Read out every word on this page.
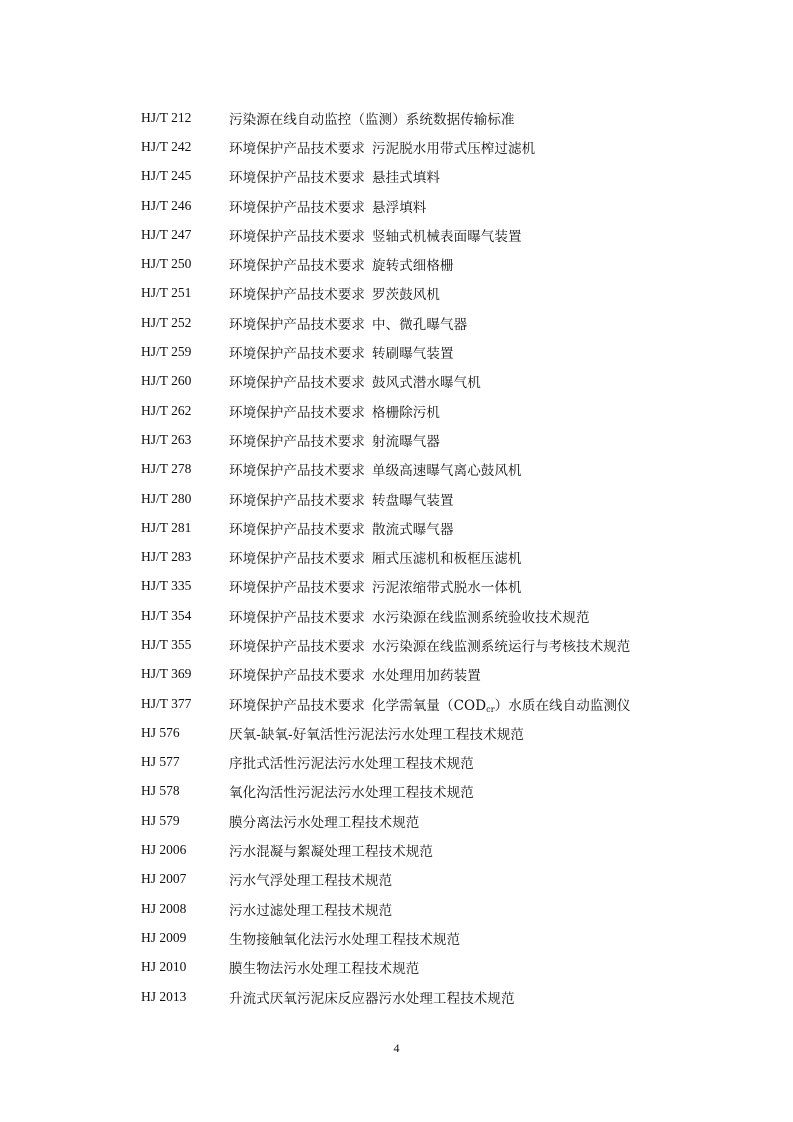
HJ/T 212	污染源在线自动监控（监测）系统数据传输标准
HJ/T 242	环境保护产品技术要求 污泥脱水用带式压榨过滤机
HJ/T 245	环境保护产品技术要求 悬挂式填料
HJ/T 246	环境保护产品技术要求 悬浮填料
HJ/T 247	环境保护产品技术要求 竖轴式机械表面曝气装置
HJ/T 250	环境保护产品技术要求 旋转式细格栅
HJ/T 251	环境保护产品技术要求 罗茨鼓风机
HJ/T 252	环境保护产品技术要求 中、微孔曝气器
HJ/T 259	环境保护产品技术要求 转刷曝气装置
HJ/T 260	环境保护产品技术要求 鼓风式潜水曝气机
HJ/T 262	环境保护产品技术要求 格栅除污机
HJ/T 263	环境保护产品技术要求 射流曝气器
HJ/T 278	环境保护产品技术要求 单级高速曝气离心鼓风机
HJ/T 280	环境保护产品技术要求 转盘曝气装置
HJ/T 281	环境保护产品技术要求 散流式曝气器
HJ/T 283	环境保护产品技术要求 厢式压滤机和板框压滤机
HJ/T 335	环境保护产品技术要求 污泥浓缩带式脱水一体机
HJ/T 354	环境保护产品技术要求 水污染源在线监测系统验收技术规范
HJ/T 355	环境保护产品技术要求 水污染源在线监测系统运行与考核技术规范
HJ/T 369	环境保护产品技术要求 水处理用加药装置
HJ/T 377	环境保护产品技术要求 化学需氧量$(COD_{cr})$水质在线自动监测仪
HJ 576	厌氧-缺氧-好氧活性污泥法污水处理工程技术规范
HJ 577	序批式活性污泥法污水处理工程技术规范
HJ 578	氧化沟活性污泥法污水处理工程技术规范
HJ 579	膜分离法污水处理工程技术规范
HJ 2006	污水混凝与絮凝处理工程技术规范
HJ 2007	污水气浮处理工程技术规范
HJ 2008	污水过滤处理工程技术规范
HJ 2009	生物接触氧化法污水处理工程技术规范
HJ 2010	膜生物法污水处理工程技术规范
HJ 2013	升流式厌氧污泥床反应器污水处理工程技术规范
4
